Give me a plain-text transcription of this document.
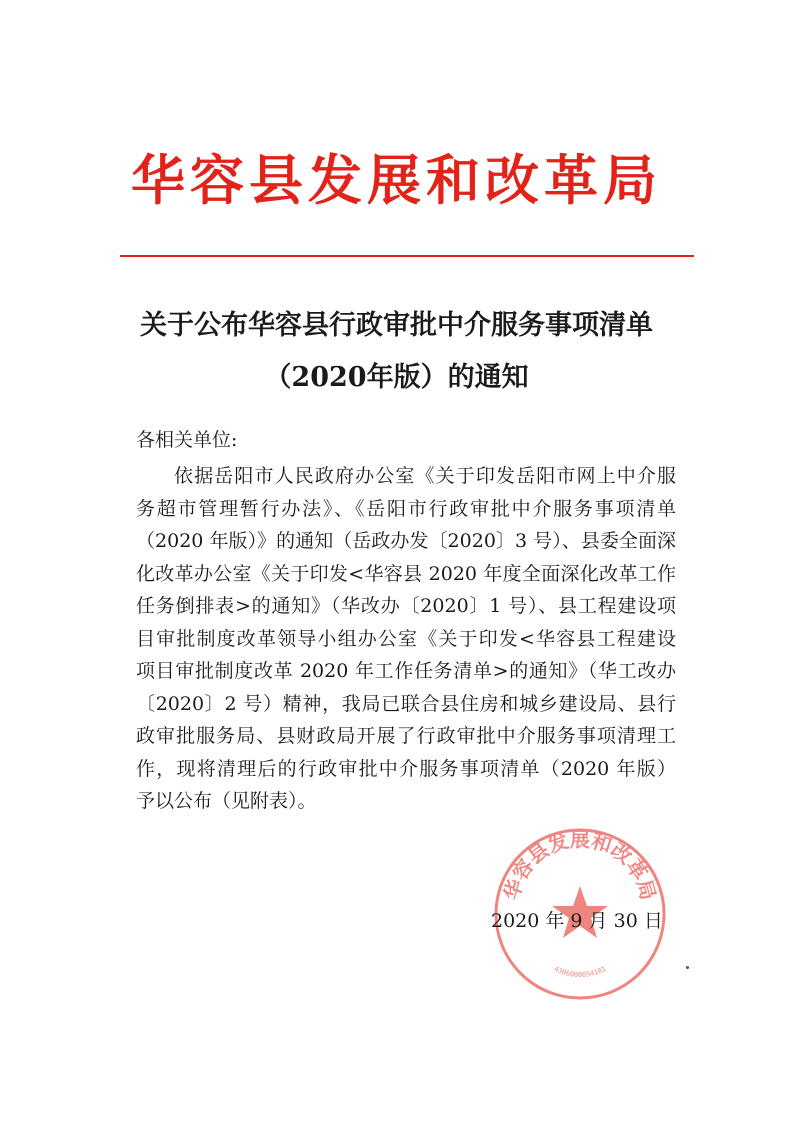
华容县发展和改革局
关于公布华容县行政审批中介服务事项清单
（2020年版）的通知
各相关单位:
依据岳阳市人民政府办公室《关于印发岳阳市网上中介服
务超市管理暂行办法》、《岳阳市行政审批中介服务事项清单
（2020 年版）》的通知（岳政办发〔2020〕3 号）、县委全面深
化改革办公室《关于印发<华容县 2020 年度全面深化改革工作
任务倒排表>的通知》（华改办〔2020〕1 号）、县工程建设项
目审批制度改革领导小组办公室《关于印发<华容县工程建设
项目审批制度改革 2020 年工作任务清单>的通知》（华工改办
〔2020〕2 号）精神，我局已联合县住房和城乡建设局、县行
政审批服务局、县财政局开展了行政审批中介服务事项清理工
作，现将清理后的行政审批中介服务事项清单（2020 年版）
予以公布（见附表）。
华容县发展和改革局
4306000054101
2020 年 9 月 30 日
